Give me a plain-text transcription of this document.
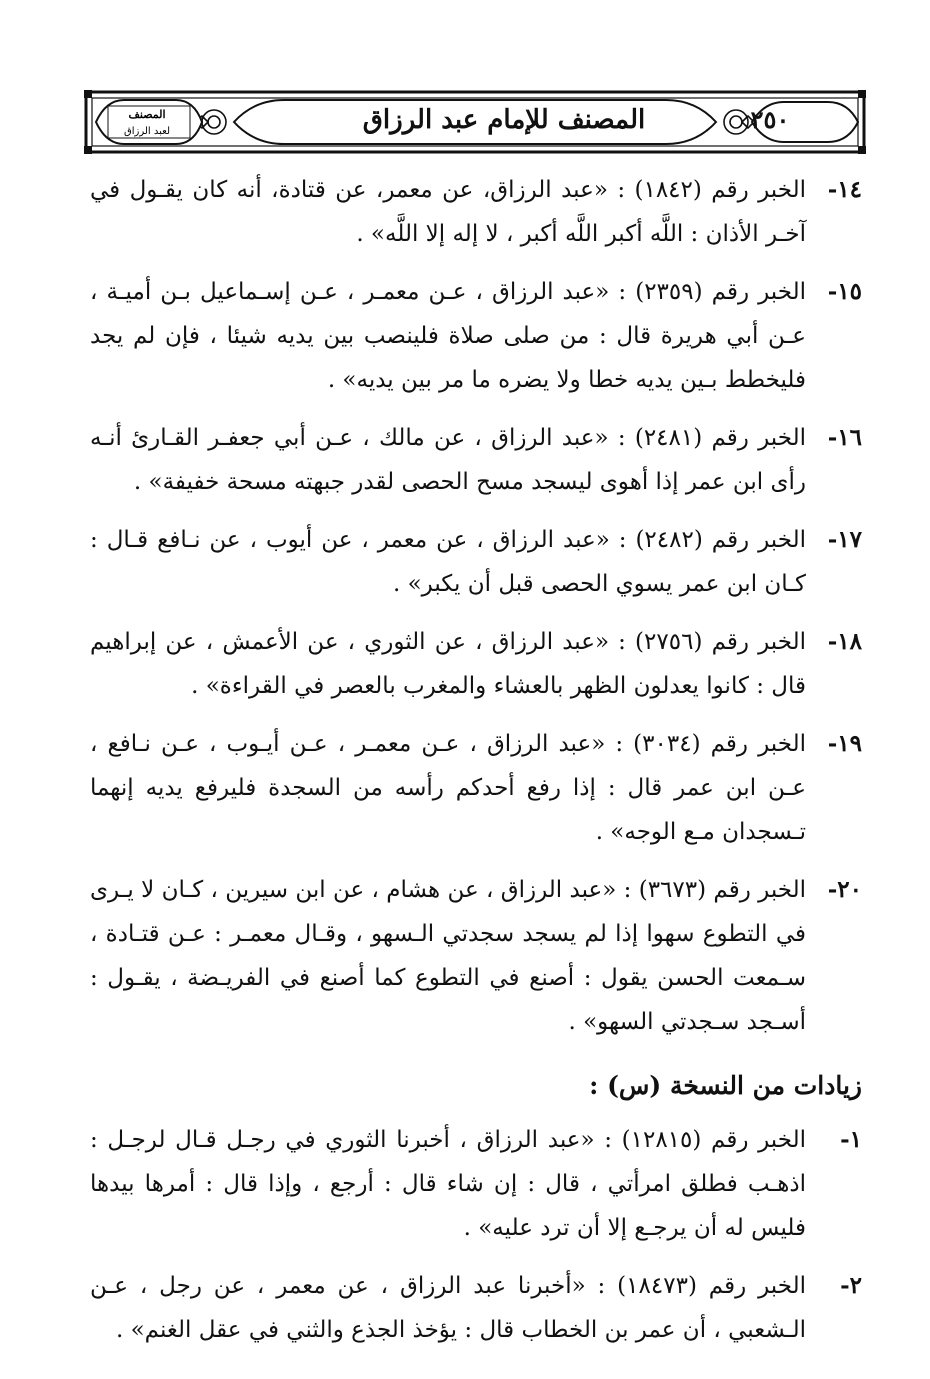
المصنف للإمام عبد الرزاق	٢٥٠
المصنف
لعبد الرزاق
١٤-
الخبر رقم (١٨٤٢) : «عبد الرزاق، عن معمر، عن قتادة، أنه كان يقـول في آخـر الأذان : اللَّه أكبر اللَّه أكبر ، لا إله إلا اللَّه» .
١٥-
الخبر رقم (٢٣٥٩) : «عبد الرزاق ، عـن معمـر ، عـن إسـماعيل بـن أميـة ، عـن أبي هريرة قال : من صلى صلاة فلينصب بين يديه شيئا ، فإن لم يجد فليخطط بـين يديه خطا ولا يضره ما مر بين يديه» .
١٦-
الخبر رقم (٢٤٨١) : «عبد الرزاق ، عن مالك ، عـن أبي جعفـر القـارئ أنـه رأى ابن عمر إذا أهوى ليسجد مسح الحصى لقدر جبهته مسحة خفيفة» .
١٧-
الخبر رقم (٢٤٨٢) : «عبد الرزاق ، عن معمر ، عن أيوب ، عن نـافع قـال : كـان ابن عمر يسوي الحصى قبل أن يكبر» .
١٨-
الخبر رقم (٢٧٥٦) : «عبد الرزاق ، عن الثوري ، عن الأعمش ، عن إبراهيم قال : كانوا يعدلون الظهر بالعشاء والمغرب بالعصر في القراءة» .
١٩-
الخبر رقم (٣٠٣٤) : «عبد الرزاق ، عـن معمـر ، عـن أيـوب ، عـن نـافع ، عـن ابن عمر قال : إذا رفع أحدكم رأسه من السجدة فليرفع يديه إنهما تـسجدان مـع الوجه» .
٢٠-
الخبر رقم (٣٦٧٣) : «عبد الرزاق ، عن هشام ، عن ابن سيرين ، كـان لا يـرى في التطوع سهوا إذا لم يسجد سجدتي الـسهو ، وقـال معمـر : عـن قتـادة ، سـمعت الحسن يقول : أصنع في التطوع كما أصنع في الفريـضة ، يقـول : أسـجد سـجدتي السهو» .
زيادات من النسخة (س) :
١-
الخبر رقم (١٢٨١٥) : «عبد الرزاق ، أخبرنا الثوري في رجـل قـال لرجـل : اذهـب فطلق امرأتي ، قال : إن شاء قال : أرجع ، وإذا قال : أمرها بيدها فليس له أن يرجـع إلا أن ترد عليه» .
٢-
الخبر رقم (١٨٤٧٣) : «أخبرنا عبد الرزاق ، عن معمر ، عن رجل ، عـن الـشعبي ، أن عمر بن الخطاب قال : يؤخذ الجذع والثني في عقل الغنم» .
